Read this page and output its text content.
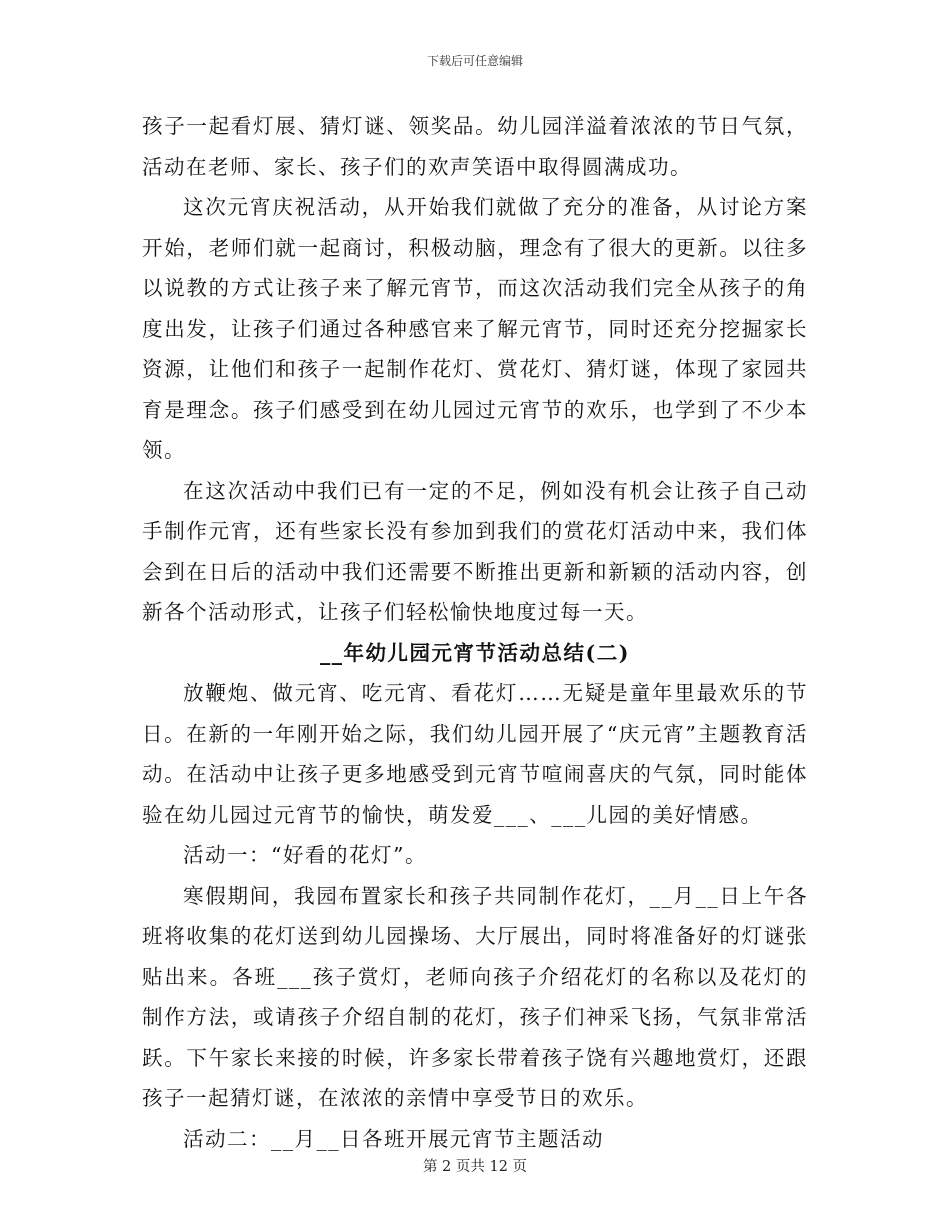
下载后可任意编辑

孩子一起看灯展、猜灯谜、领奖品。幼儿园洋溢着浓浓的节日气氛，活动在老师、家长、孩子们的欢声笑语中取得圆满成功。

这次元宵庆祝活动，从开始我们就做了充分的准备，从讨论方案开始，老师们就一起商讨，积极动脑，理念有了很大的更新。以往多以说教的方式让孩子来了解元宵节，而这次活动我们完全从孩子的角度出发，让孩子们通过各种感官来了解元宵节，同时还充分挖掘家长资源，让他们和孩子一起制作花灯、赏花灯、猜灯谜，体现了家园共育是理念。孩子们感受到在幼儿园过元宵节的欢乐，也学到了不少本领。

在这次活动中我们已有一定的不足，例如没有机会让孩子自己动手制作元宵，还有些家长没有参加到我们的赏花灯活动中来，我们体会到在日后的活动中我们还需要不断推出更新和新颖的活动内容，创新各个活动形式，让孩子们轻松愉快地度过每一天。

__年幼儿园元宵节活动总结(二)

放鞭炮、做元宵、吃元宵、看花灯……无疑是童年里最欢乐的节日。在新的一年刚开始之际，我们幼儿园开展了“庆元宵”主题教育活动。在活动中让孩子更多地感受到元宵节喧闹喜庆的气氛，同时能体验在幼儿园过元宵节的愉快，萌发爱___、___儿园的美好情感。

活动一：“好看的花灯”。

寒假期间，我园布置家长和孩子共同制作花灯，__月__日上午各班将收集的花灯送到幼儿园操场、大厅展出，同时将准备好的灯谜张贴出来。各班___孩子赏灯，老师向孩子介绍花灯的名称以及花灯的制作方法，或请孩子介绍自制的花灯，孩子们神采飞扬，气氛非常活跃。下午家长来接的时候，许多家长带着孩子饶有兴趣地赏灯，还跟孩子一起猜灯谜，在浓浓的亲情中享受节日的欢乐。

活动二：__月__日各班开展元宵节主题活动

第 2 页共 12 页
